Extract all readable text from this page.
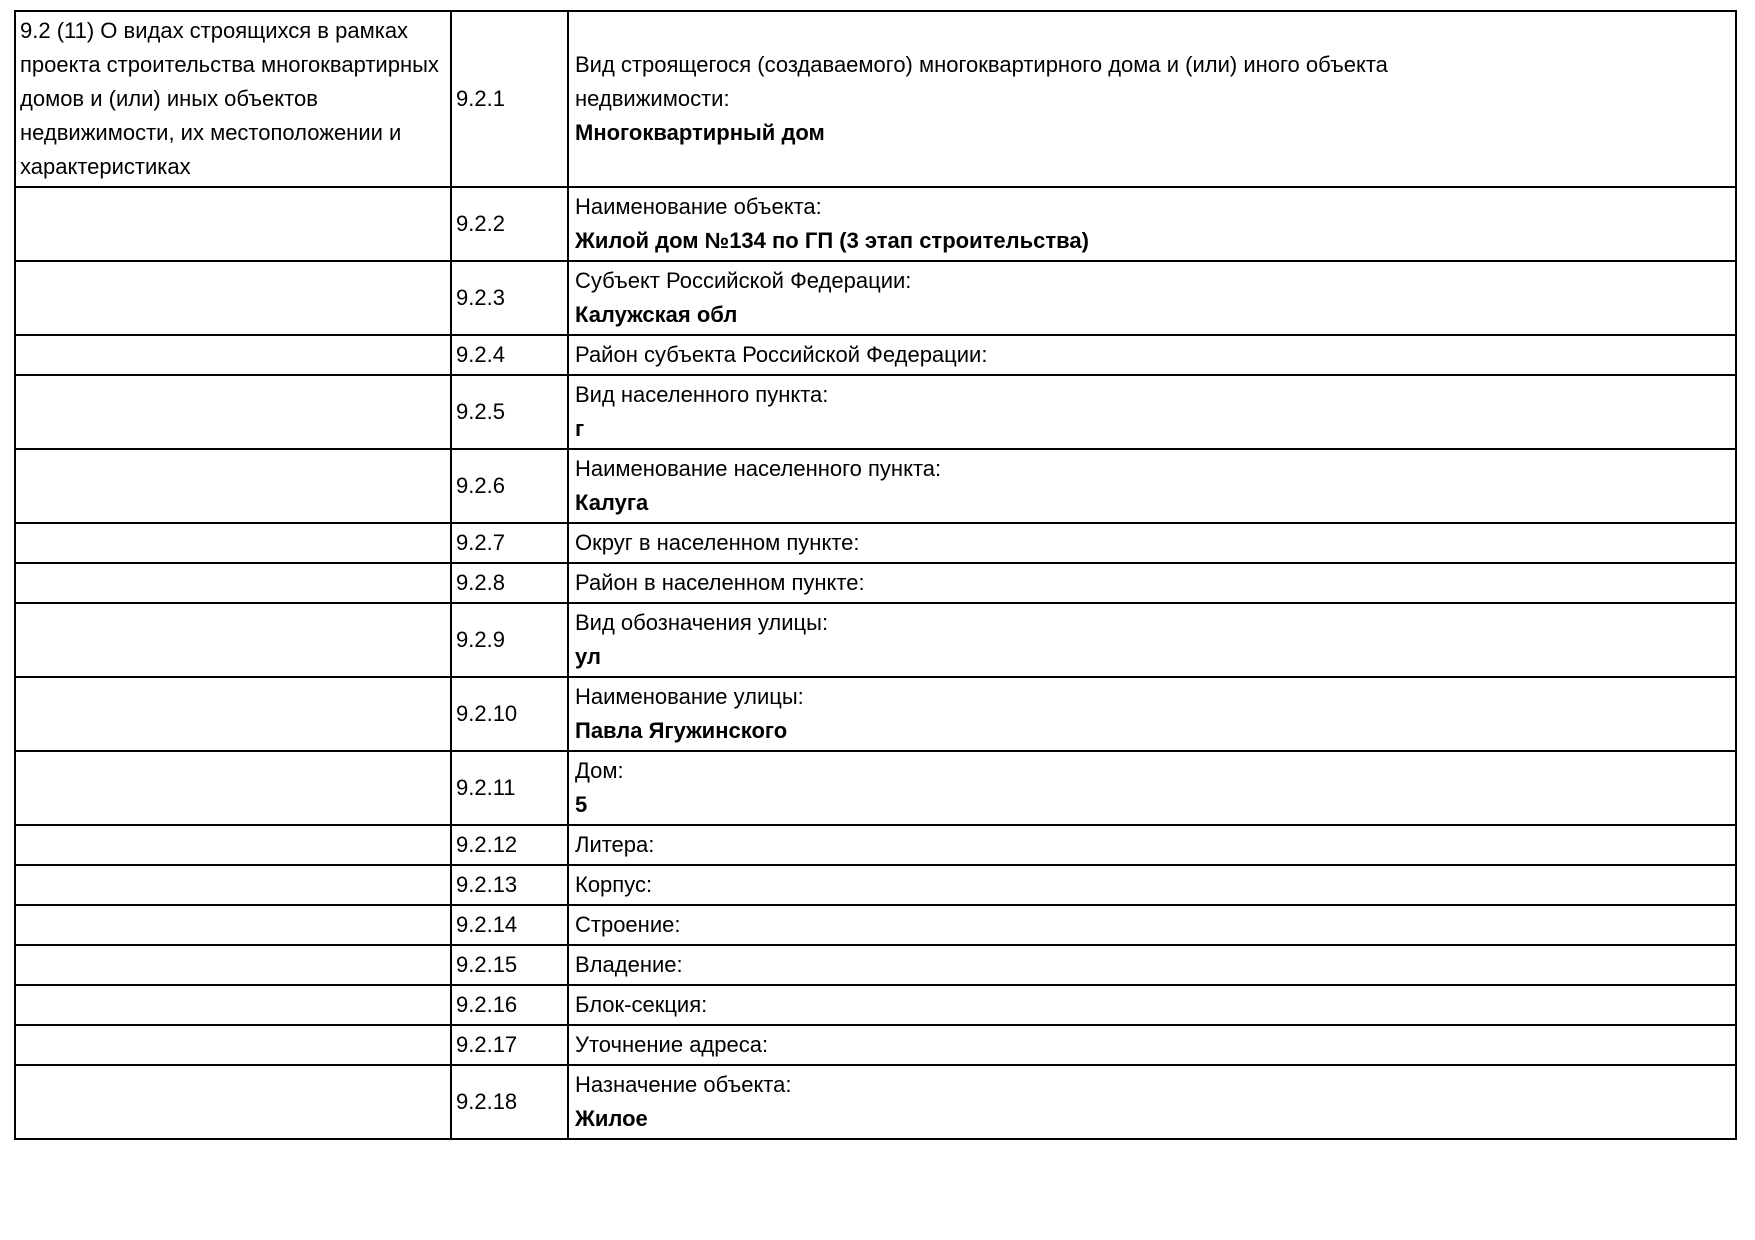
9.2 (11) О видах строящихся в рамках проекта строительства многоквартирных домов и (или) иных объектов недвижимости, их местоположении и характеристиках	9.2.1	Вид строящегося (создаваемого) многоквартирного дома и (или) иного объекта недвижимости:
Многоквартирный дом

	9.2.2	Наименование объекта:
Жилой дом №134 по ГП (3 этап строительства)

	9.2.3	Субъект Российской Федерации:
Калужская обл

	9.2.4	Район субъекта Российской Федерации:

	9.2.5	Вид населенного пункта:
г

	9.2.6	Наименование населенного пункта:
Калуга

	9.2.7	Округ в населенном пункте:

	9.2.8	Район в населенном пункте:

	9.2.9	Вид обозначения улицы:
ул

	9.2.10	Наименование улицы:
Павла Ягужинского

	9.2.11	Дом:
5

	9.2.12	Литера:

	9.2.13	Корпус:

	9.2.14	Строение:

	9.2.15	Владение:

	9.2.16	Блок-секция:

	9.2.17	Уточнение адреса:

	9.2.18	Назначение объекта:
Жилое
